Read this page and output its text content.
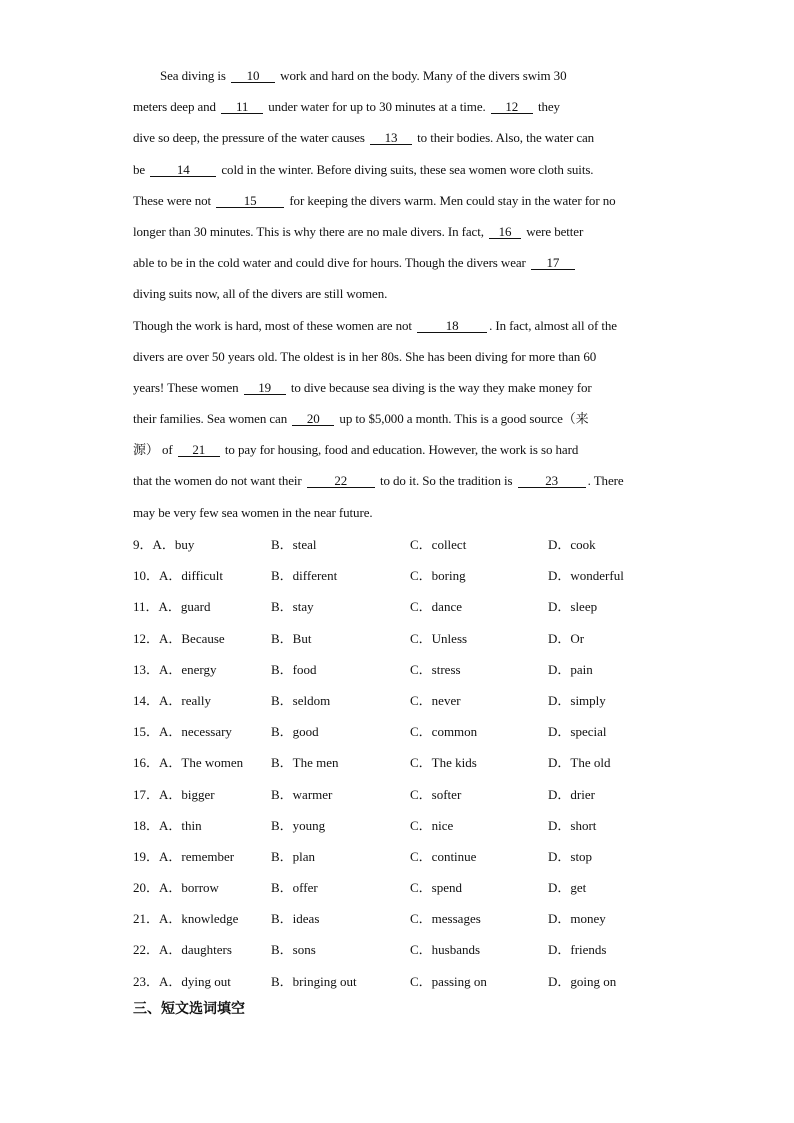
Sea diving is 10 work and hard on the body. Many of the divers swim 30
meters deep and 11 under water for up to 30 minutes at a time. 12 they
dive so deep, the pressure of the water causes 13 to their bodies. Also, the water can
be 14 cold in the winter. Before diving suits, these sea women wore cloth suits.
These were not 15 for keeping the divers warm. Men could stay in the water for no
longer than 30 minutes. This is why there are no male divers. In fact, 16 were better
able to be in the cold water and could dive for hours. Though the divers wear 17
diving suits now, all of the divers are still women.
Though the work is hard, most of these women are not 18 . In fact, almost all of the
divers are over 50 years old. The oldest is in her 80s. She has been diving for more than 60
years! These women 19 to dive because sea diving is the way they make money for
their families. Sea women can 20 up to $5,000 a month. This is a good source（来
源） of 21 to pay for housing, food and education. However, the work is so hard
that the women do not want their 22 to do it. So the tradition is 23 . There
may be very few sea women in the near future.
9．A．buy	B．steal	C．collect	D．cook
10．A．difficult	B．different	C．boring	D．wonderful
11．A．guard	B．stay	C．dance	D．sleep
12．A．Because	B．But	C．Unless	D．Or
13．A．energy	B．food	C．stress	D．pain
14．A．really	B．seldom	C．never	D．simply
15．A．necessary	B．good	C．common	D．special
16．A．The women B．The men	C．The kids	D．The old
17．A．bigger	B．warmer	C．softer	D．drier
18．A．thin	B．young	C．nice	D．short
19．A．remember	B．plan	C．continue	D．stop
20．A．borrow	B．offer	C．spend	D．get
21．A．knowledge	B．ideas	C．messages	D．money
22．A．daughters	B．sons	C．husbands	D．friends
23．A．dying out	B．bringing out	C．passing on	D．going on
三、短文选词填空
